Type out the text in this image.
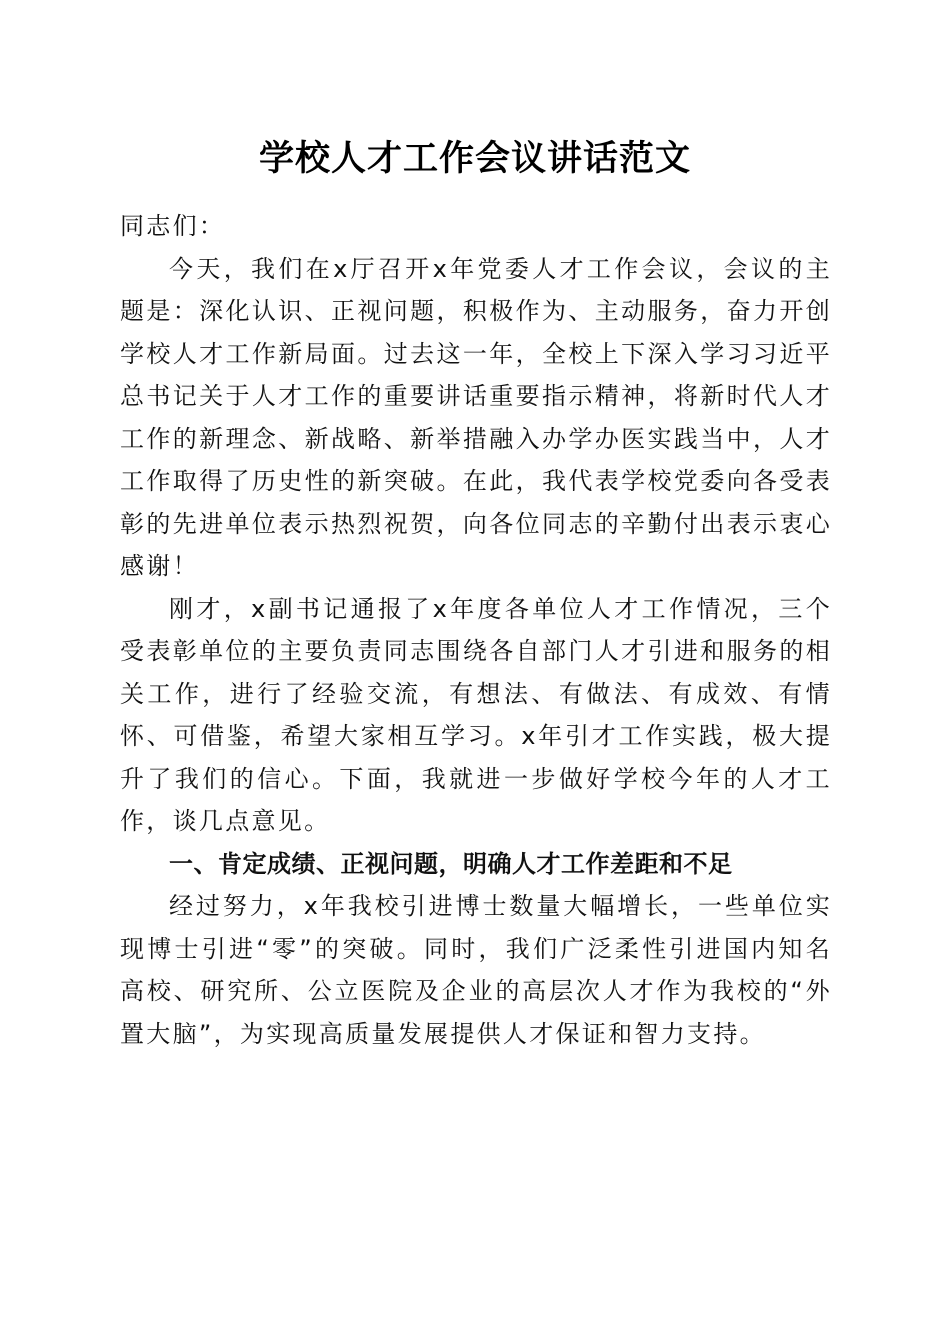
学校人才工作会议讲话范文

同志们：

今天，我们在x厅召开x年党委人才工作会议，会议的主题是：深化认识、正视问题，积极作为、主动服务，奋力开创学校人才工作新局面。过去这一年，全校上下深入学习习近平总书记关于人才工作的重要讲话重要指示精神，将新时代人才工作的新理念、新战略、新举措融入办学办医实践当中，人才工作取得了历史性的新突破。在此，我代表学校党委向各受表彰的先进单位表示热烈祝贺，向各位同志的辛勤付出表示衷心感谢！

刚才，x副书记通报了x年度各单位人才工作情况，三个受表彰单位的主要负责同志围绕各自部门人才引进和服务的相关工作，进行了经验交流，有想法、有做法、有成效、有情怀、可借鉴，希望大家相互学习。x年引才工作实践，极大提升了我们的信心。下面，我就进一步做好学校今年的人才工作，谈几点意见。

一、肯定成绩、正视问题，明确人才工作差距和不足

经过努力，x年我校引进博士数量大幅增长，一些单位实现博士引进“零”的突破。同时，我们广泛柔性引进国内知名高校、研究所、公立医院及企业的高层次人才作为我校的“外置大脑”，为实现高质量发展提供人才保证和智力支持。
